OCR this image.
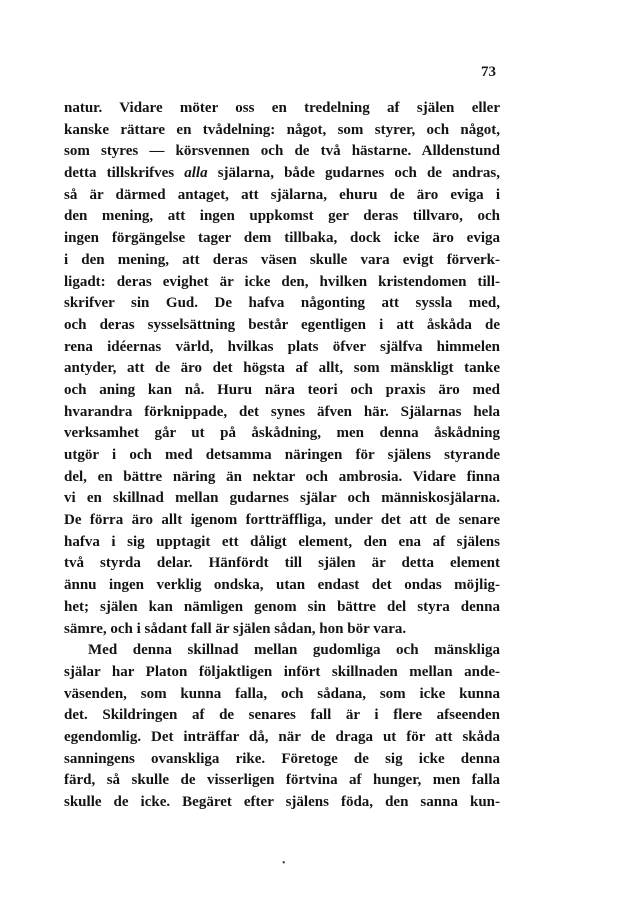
73
natur. Vidare möter oss en tredelning af själen eller
kanske rättare en tvådelning: något, som styrer, och något,
som styres — körsvennen och de två hästarne. Alldenstund
detta tillskrifves alla själarna, både gudarnes och de andras,
så är därmed antaget, att själarna, ehuru de äro eviga i
den mening, att ingen uppkomst ger deras tillvaro, och
ingen förgängelse tager dem tillbaka, dock icke äro eviga
i den mening, att deras väsen skulle vara evigt förverk-
ligadt: deras evighet är icke den, hvilken kristendomen till-
skrifver sin Gud. De hafva någonting att syssla med,
och deras sysselsättning består egentligen i att åskåda de
rena idéernas värld, hvilkas plats öfver själfva himmelen
antyder, att de äro det högsta af allt, som mänskligt tanke
och aning kan nå. Huru nära teori och praxis äro med
hvarandra förknippade, det synes äfven här. Själarnas hela
verksamhet går ut på åskådning, men denna åskådning
utgör i och med detsamma näringen för själens styrande
del, en bättre näring än nektar och ambrosia. Vidare finna
vi en skillnad mellan gudarnes själar och människosjälarna.
De förra äro allt igenom fortträffliga, under det att de senare
hafva i sig upptagit ett dåligt element, den ena af själens
två styrda delar. Hänfördt till själen är detta element
ännu ingen verklig ondska, utan endast det ondas möjlig-
het; själen kan nämligen genom sin bättre del styra denna
sämre, och i sådant fall är själen sådan, hon bör vara.
Med denna skillnad mellan gudomliga och mänskliga
själar har Platon följaktligen infört skillnaden mellan ande-
väsenden, som kunna falla, och sådana, som icke kunna
det. Skildringen af de senares fall är i flere afseenden
egendomlig. Det inträffar då, när de draga ut för att skåda
sanningens ovanskliga rike. Företoge de sig icke denna
färd, så skulle de visserligen förtvina af hunger, men falla
skulle de icke. Begäret efter själens föda, den sanna kun-
•
